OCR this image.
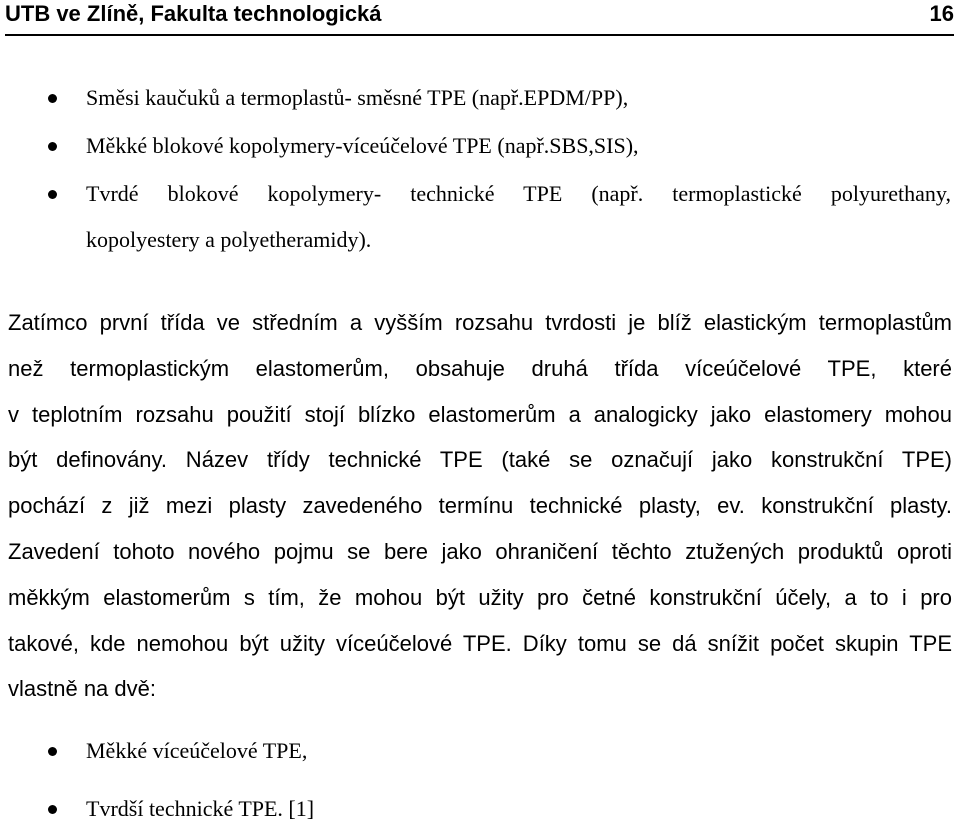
UTB ve Zlíně, Fakulta technologická	16
Směsi kaučuků a termoplastů- směsné TPE (např.EPDM/PP),
Měkké blokové kopolymery-víceúčelové TPE (např.SBS,SIS),
Tvrdé blokové kopolymery- technické TPE (např. termoplastické polyurethany,
kopolyestery a polyetheramidy).
Zatímco první třída ve středním a vyšším rozsahu tvrdosti je blíž elastickým termoplastům
než termoplastickým elastomerům, obsahuje druhá třída víceúčelové TPE, které
v teplotním rozsahu použití stojí blízko elastomerům a analogicky jako elastomery mohou
být definovány. Název třídy technické TPE (také se označují jako konstrukční TPE)
pochází z již mezi plasty zavedeného termínu technické plasty, ev. konstrukční plasty.
Zavedení tohoto nového pojmu se bere jako ohraničení těchto ztužených produktů oproti
měkkým elastomerům s tím, že mohou být užity pro četné konstrukční účely, a to i pro
takové, kde nemohou být užity víceúčelové TPE. Díky tomu se dá snížit počet skupin TPE
vlastně na dvě:
Měkké víceúčelové TPE,
Tvrdší technické TPE. [1]
